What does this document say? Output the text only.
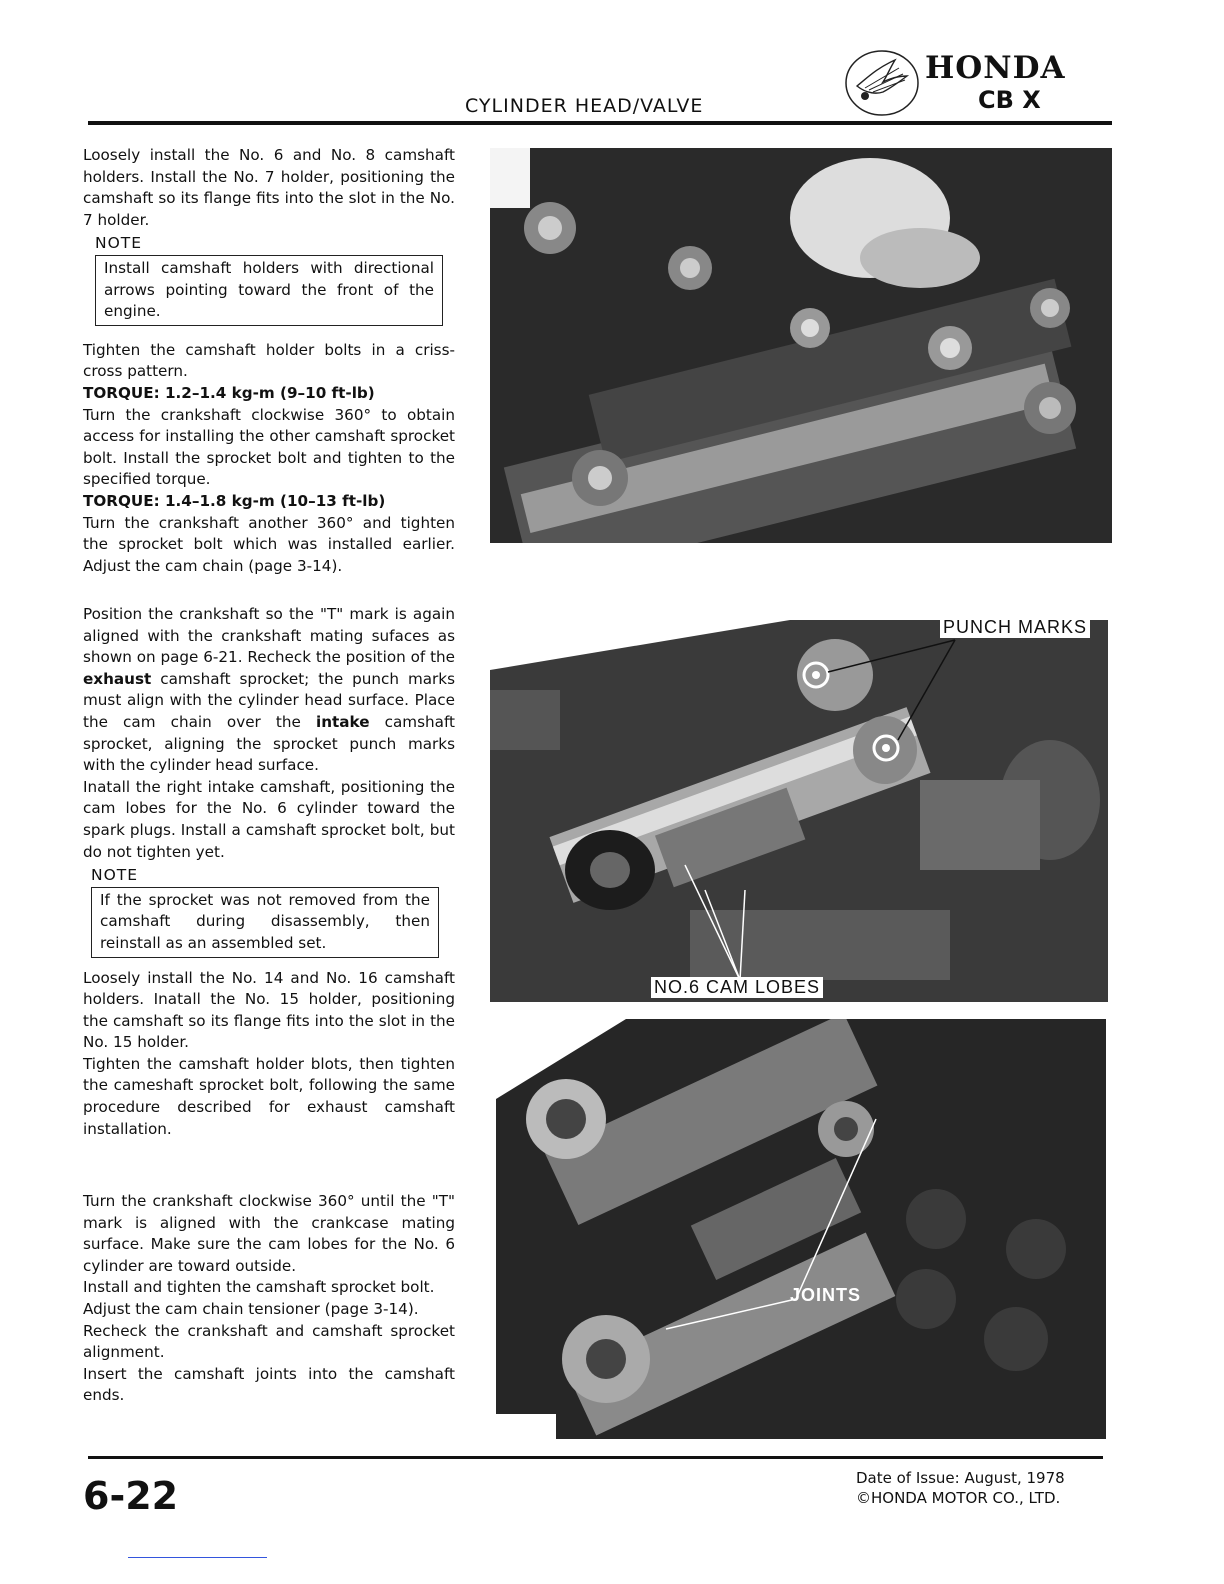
CYLINDER HEAD/VALVE
HONDA
CB X

Loosely install the No. 6 and No. 8 camshaft holders. Install the No. 7 holder, positioning the camshaft so its flange fits into the slot in the No. 7 holder.

NOTE
Install camshaft holders with directional arrows pointing toward the front of the engine.

Tighten the camshaft holder bolts in a criss-cross pattern.

TORQUE: 1.2–1.4 kg-m (9–10 ft-lb)

Turn the crankshaft clockwise 360° to obtain access for installing the other camshaft sprocket bolt. Install the sprocket bolt and tighten to the specified torque.

TORQUE: 1.4–1.8 kg-m (10–13 ft-lb)

Turn the crankshaft another 360° and tighten the sprocket bolt which was installed earlier. Adjust the cam chain (page 3-14).

Position the crankshaft so the "T" mark is again aligned with the crankshaft mating sufaces as shown on page 6-21. Recheck the position of the exhaust camshaft sprocket; the punch marks must align with the cylinder head surface. Place the cam chain over the intake camshaft sprocket, aligning the sprocket punch marks with the cylinder head surface.

Inatall the right intake camshaft, positioning the cam lobes for the No. 6 cylinder toward the spark plugs. Install a camshaft sprocket bolt, but do not tighten yet.

NOTE
If the sprocket was not removed from the camshaft during disassembly, then reinstall as an assembled set.

Loosely install the No. 14 and No. 16 camshaft holders. Inatall the No. 15 holder, positioning the camshaft so its flange fits into the slot in the No. 15 holder.

Tighten the camshaft holder blots, then tighten the cameshaft sprocket bolt, following the same procedure described for exhaust camshaft installation.

Turn the crankshaft clockwise 360° until the "T" mark is aligned with the crankcase mating surface. Make sure the cam lobes for the No. 6 cylinder are toward outside.

Install and tighten the camshaft sprocket bolt.

Adjust the cam chain tensioner (page 3-14).

Recheck the crankshaft and camshaft sprocket alignment.

Insert the camshaft joints into the camshaft ends.

PUNCH MARKS
NO.6 CAM LOBES
JOINTS
6-22	Date of Issue: August, 1978
©HONDA MOTOR CO., LTD.
